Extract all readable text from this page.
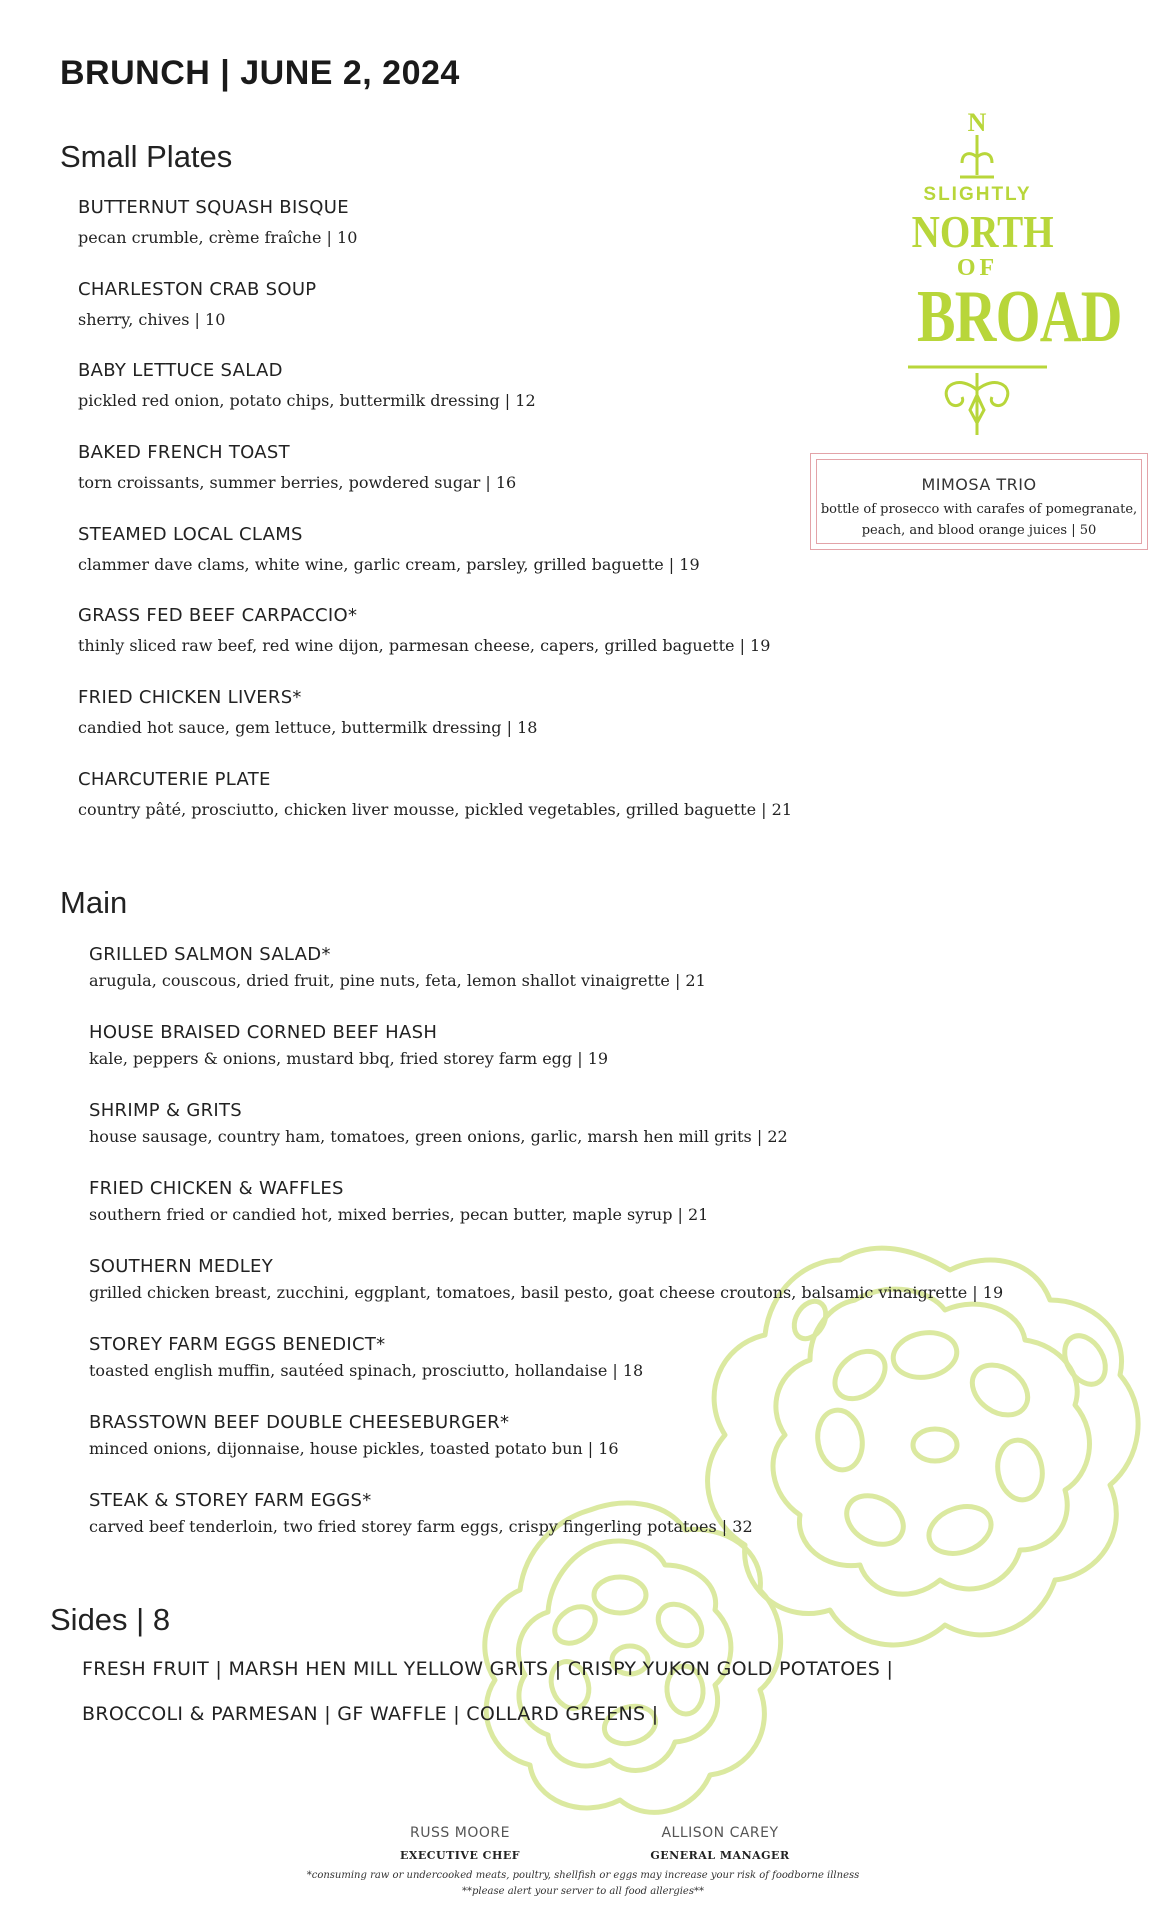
BRUNCH | JUNE 2, 2024
Small Plates
BUTTERNUT SQUASH BISQUE
pecan crumble, crème fraîche | 10
CHARLESTON CRAB SOUP
sherry, chives | 10
BABY LETTUCE SALAD
pickled red onion, potato chips, buttermilk dressing | 12
BAKED FRENCH TOAST
torn croissants, summer berries, powdered sugar | 16
STEAMED LOCAL CLAMS
clammer dave clams, white wine, garlic cream, parsley, grilled baguette | 19
GRASS FED BEEF CARPACCIO*
thinly sliced raw beef, red wine dijon, parmesan cheese, capers, grilled baguette | 19
FRIED CHICKEN LIVERS*
candied hot sauce, gem lettuce, buttermilk dressing | 18
CHARCUTERIE PLATE
country pâté, prosciutto, chicken liver mousse, pickled vegetables, grilled baguette | 21
N
SLIGHTLY
NORTH
OF
BROAD
MIMOSA TRIO
bottle of prosecco with carafes of pomegranate,
peach, and blood orange juices | 50
Main
GRILLED SALMON SALAD*
arugula, couscous, dried fruit, pine nuts, feta, lemon shallot vinaigrette | 21
HOUSE BRAISED CORNED BEEF HASH
kale, peppers & onions, mustard bbq, fried storey farm egg | 19
SHRIMP & GRITS
house sausage, country ham, tomatoes, green onions, garlic, marsh hen mill grits | 22
FRIED CHICKEN & WAFFLES
southern fried or candied hot, mixed berries, pecan butter, maple syrup | 21
SOUTHERN MEDLEY
grilled chicken breast, zucchini, eggplant, tomatoes, basil pesto, goat cheese croutons, balsamic vinaigrette | 19
STOREY FARM EGGS BENEDICT*
toasted english muffin, sautéed spinach, prosciutto, hollandaise | 18
BRASSTOWN BEEF DOUBLE CHEESEBURGER*
minced onions, dijonnaise, house pickles, toasted potato bun | 16
STEAK & STOREY FARM EGGS*
carved beef tenderloin, two fried storey farm eggs, crispy fingerling potatoes | 32
Sides | 8
FRESH FRUIT | MARSH HEN MILL YELLOW GRITS | CRISPY YUKON GOLD POTATOES |
BROCCOLI & PARMESAN | GF WAFFLE | COLLARD GREENS |
RUSS MOORE
EXECUTIVE CHEF
ALLISON CAREY
GENERAL MANAGER
*consuming raw or undercooked meats, poultry, shellfish or eggs may increase your risk of foodborne illness
**please alert your server to all food allergies**
